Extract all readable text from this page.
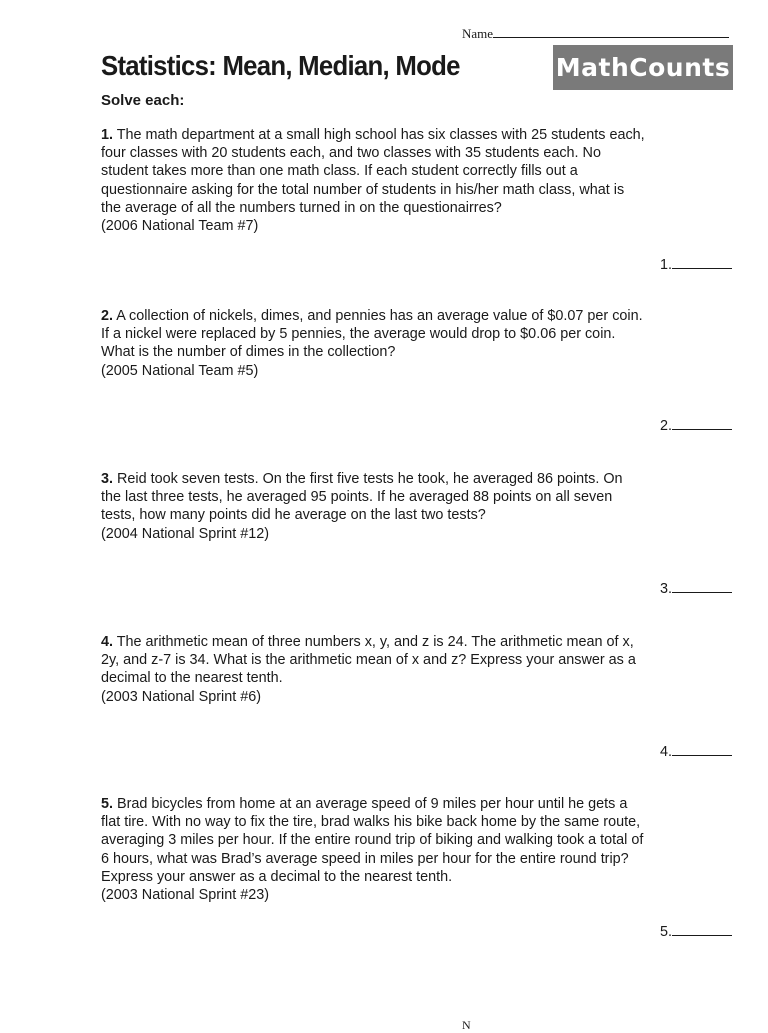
Name
Statistics: Mean, Median, Mode	MathCounts
Solve each:
1. The math department at a small high school has six classes with 25 students each, four classes with 20 students each, and two classes with 35 students each. No student takes more than one math class. If each student correctly fills out a questionnaire asking for the total number of students in his/her math class, what is the average of all the numbers turned in on the questionairres?
(2006 National Team #7)
1.
2. A collection of nickels, dimes, and pennies has an average value of $0.07 per coin. If a nickel were replaced by 5 pennies, the average would drop to $0.06 per coin. What is the number of dimes in the collection?
(2005 National Team #5)
2.
3. Reid took seven tests. On the first five tests he took, he averaged 86 points. On the last three tests, he averaged 95 points. If he averaged 88 points on all seven tests, how many points did he average on the last two tests?
(2004 National Sprint #12)
3.
4. The arithmetic mean of three numbers x, y, and z is 24. The arithmetic mean of x, 2y, and z-7 is 34. What is the arithmetic mean of x and z? Express your answer as a decimal to the nearest tenth.
(2003 National Sprint #6)
4.
5. Brad bicycles from home at an average speed of 9 miles per hour until he gets a flat tire. With no way to fix the tire, brad walks his bike back home by the same route, averaging 3 miles per hour. If the entire round trip of biking and walking took a total of 6 hours, what was Brad’s average speed in miles per hour for the entire round trip? Express your answer as a decimal to the nearest tenth.
(2003 National Sprint #23)
5.
N
